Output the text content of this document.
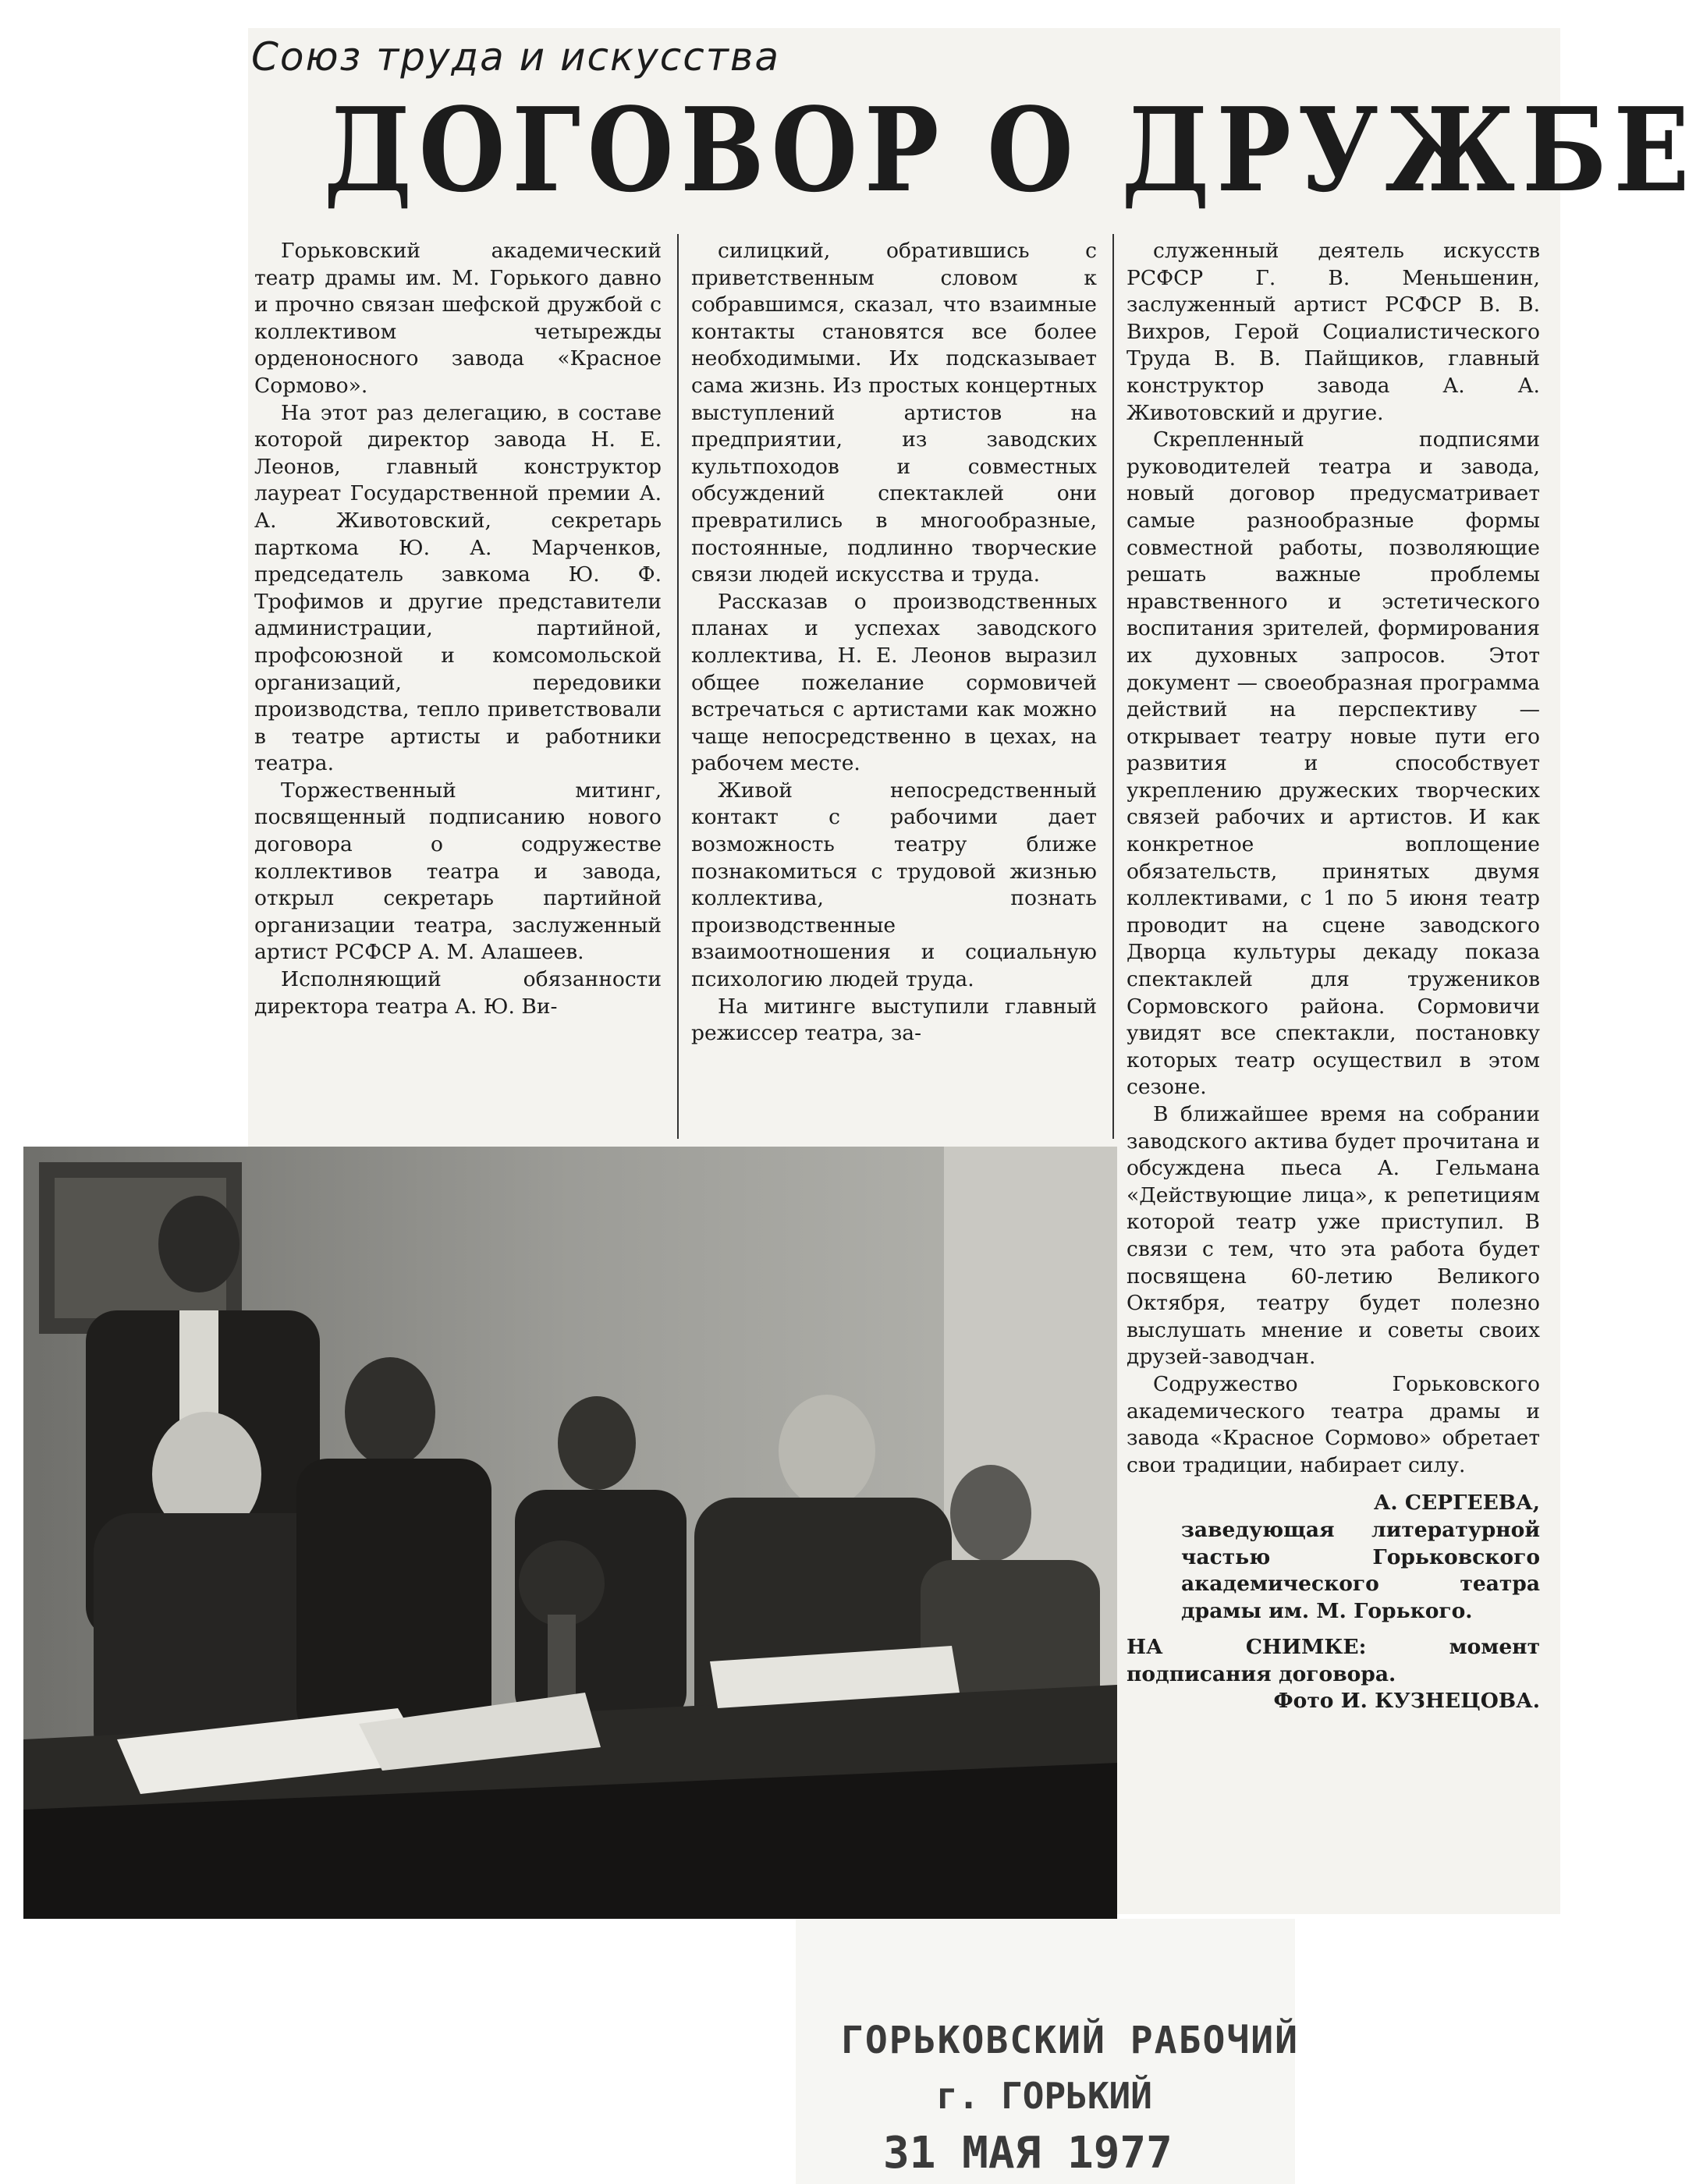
Союз труда и искусства
ДОГОВОР О ДРУЖБЕ

Горьковский академический театр драмы им. М. Горького давно и прочно связан шефской дружбой с коллективом четырежды орденоносного завода «Красное Сормово».

На этот раз делегацию, в составе которой директор завода Н. Е. Леонов, главный конструктор лауреат Государственной премии А. А. Животовский, секретарь парткома Ю. А. Марченков, председатель завкома Ю. Ф. Трофимов и другие представители администрации, партийной, профсоюзной и комсомольской организаций, передовики производства, тепло приветствовали в театре артисты и работники театра.

Торжественный митинг, посвященный подписанию нового договора о содружестве коллективов театра и завода, открыл секретарь партийной организации театра, заслуженный артист РСФСР А. М. Алашеев.

Исполняющий обязанности директора театра А. Ю. Ви-

силицкий, обратившись с приветственным словом к собравшимся, сказал, что взаимные контакты становятся все более необходимыми. Их подсказывает сама жизнь. Из простых концертных выступлений артистов на предприятии, из заводских культпоходов и совместных обсуждений спектаклей они превратились в многообразные, постоянные, подлинно творческие связи людей искусства и труда.

Рассказав о производственных планах и успехах заводского коллектива, Н. Е. Леонов выразил общее пожелание сормовичей встречаться с артистами как можно чаще непосредственно в цехах, на рабочем месте.

Живой непосредственный контакт с рабочими дает возможность театру ближе познакомиться с трудовой жизнью коллектива, познать производственные взаимоотношения и социальную психологию людей труда.

На митинге выступили главный режиссер театра, за-

служенный деятель искусств РСФСР Г. В. Меньшенин, заслуженный артист РСФСР В. В. Вихров, Герой Социалистического Труда В. В. Пайщиков, главный конструктор завода А. А. Животовский и другие.

Скрепленный подписями руководителей театра и завода, новый договор предусматривает самые разнообразные формы совместной работы, позволяющие решать важные проблемы нравственного и эстетического воспитания зрителей, формирования их духовных запросов. Этот документ — своеобразная программа действий на перспективу — открывает театру новые пути его развития и способствует укреплению дружеских творческих связей рабочих и артистов. И как конкретное воплощение обязательств, принятых двумя коллективами, с 1 по 5 июня театр проводит на сцене заводского Дворца культуры декаду показа спектаклей для тружеников Сормовского района. Сормовичи увидят все спектакли, постановку которых театр осуществил в этом сезоне.

В ближайшее время на собрании заводского актива будет прочитана и обсуждена пьеса А. Гельмана «Действующие лица», к репетициям которой театр уже приступил. В связи с тем, что эта работа будет посвящена 60-летию Великого Октября, театру будет полезно выслушать мнение и советы своих друзей-заводчан.

Содружество Горьковского академического театра драмы и завода «Красное Сормово» обретает свои традиции, набирает силу.

А. СЕРГЕЕВА,

заведующая литературной частью Горьковского академического театра драмы им. М. Горького.

НА СНИМКЕ: момент подписания договора.

Фото И. КУЗНЕЦОВА.

ГОРЬКОВСКИЙ РАБОЧИЙ
г. ГОРЬКИЙ
31 МАЯ 1977
